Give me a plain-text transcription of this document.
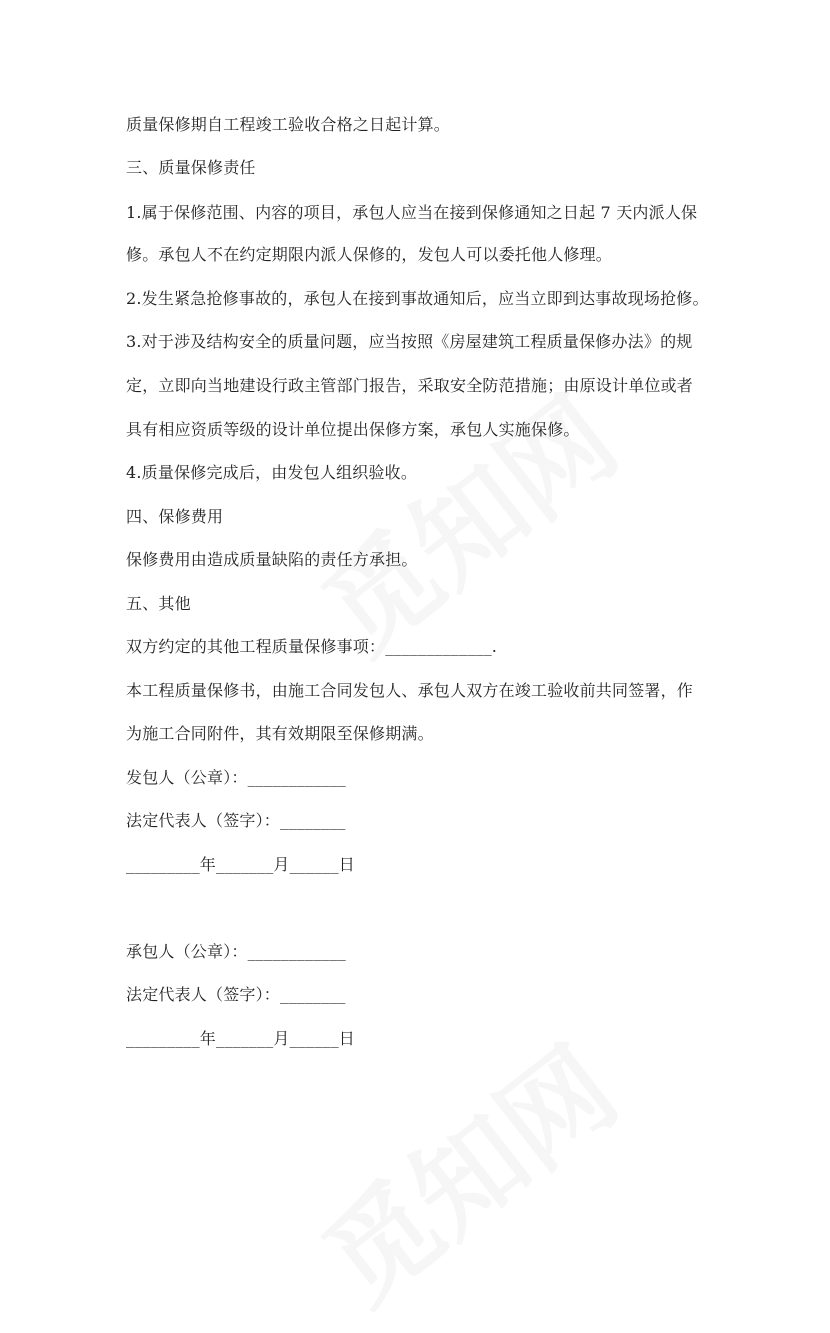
质量保修期自工程竣工验收合格之日起计算。
三、质量保修责任
1.属于保修范围、内容的项目，承包人应当在接到保修通知之日起 7 天内派人保
修。承包人不在约定期限内派人保修的，发包人可以委托他人修理。
2.发生紧急抢修事故的，承包人在接到事故通知后，应当立即到达事故现场抢修。
3.对于涉及结构安全的质量问题，应当按照《房屋建筑工程质量保修办法》的规
定，立即向当地建设行政主管部门报告，采取安全防范措施；由原设计单位或者
具有相应资质等级的设计单位提出保修方案，承包人实施保修。
4.质量保修完成后，由发包人组织验收。
四、保修费用
保修费用由造成质量缺陷的责任方承担。
五、其他
双方约定的其他工程质量保修事项：_____________.
本工程质量保修书，由施工合同发包人、承包人双方在竣工验收前共同签署，作
为施工合同附件，其有效期限至保修期满。
发包人（公章）：____________
法定代表人（签字）：________
_________年_______月______日
承包人（公章）：____________
法定代表人（签字）：________
_________年_______月______日
